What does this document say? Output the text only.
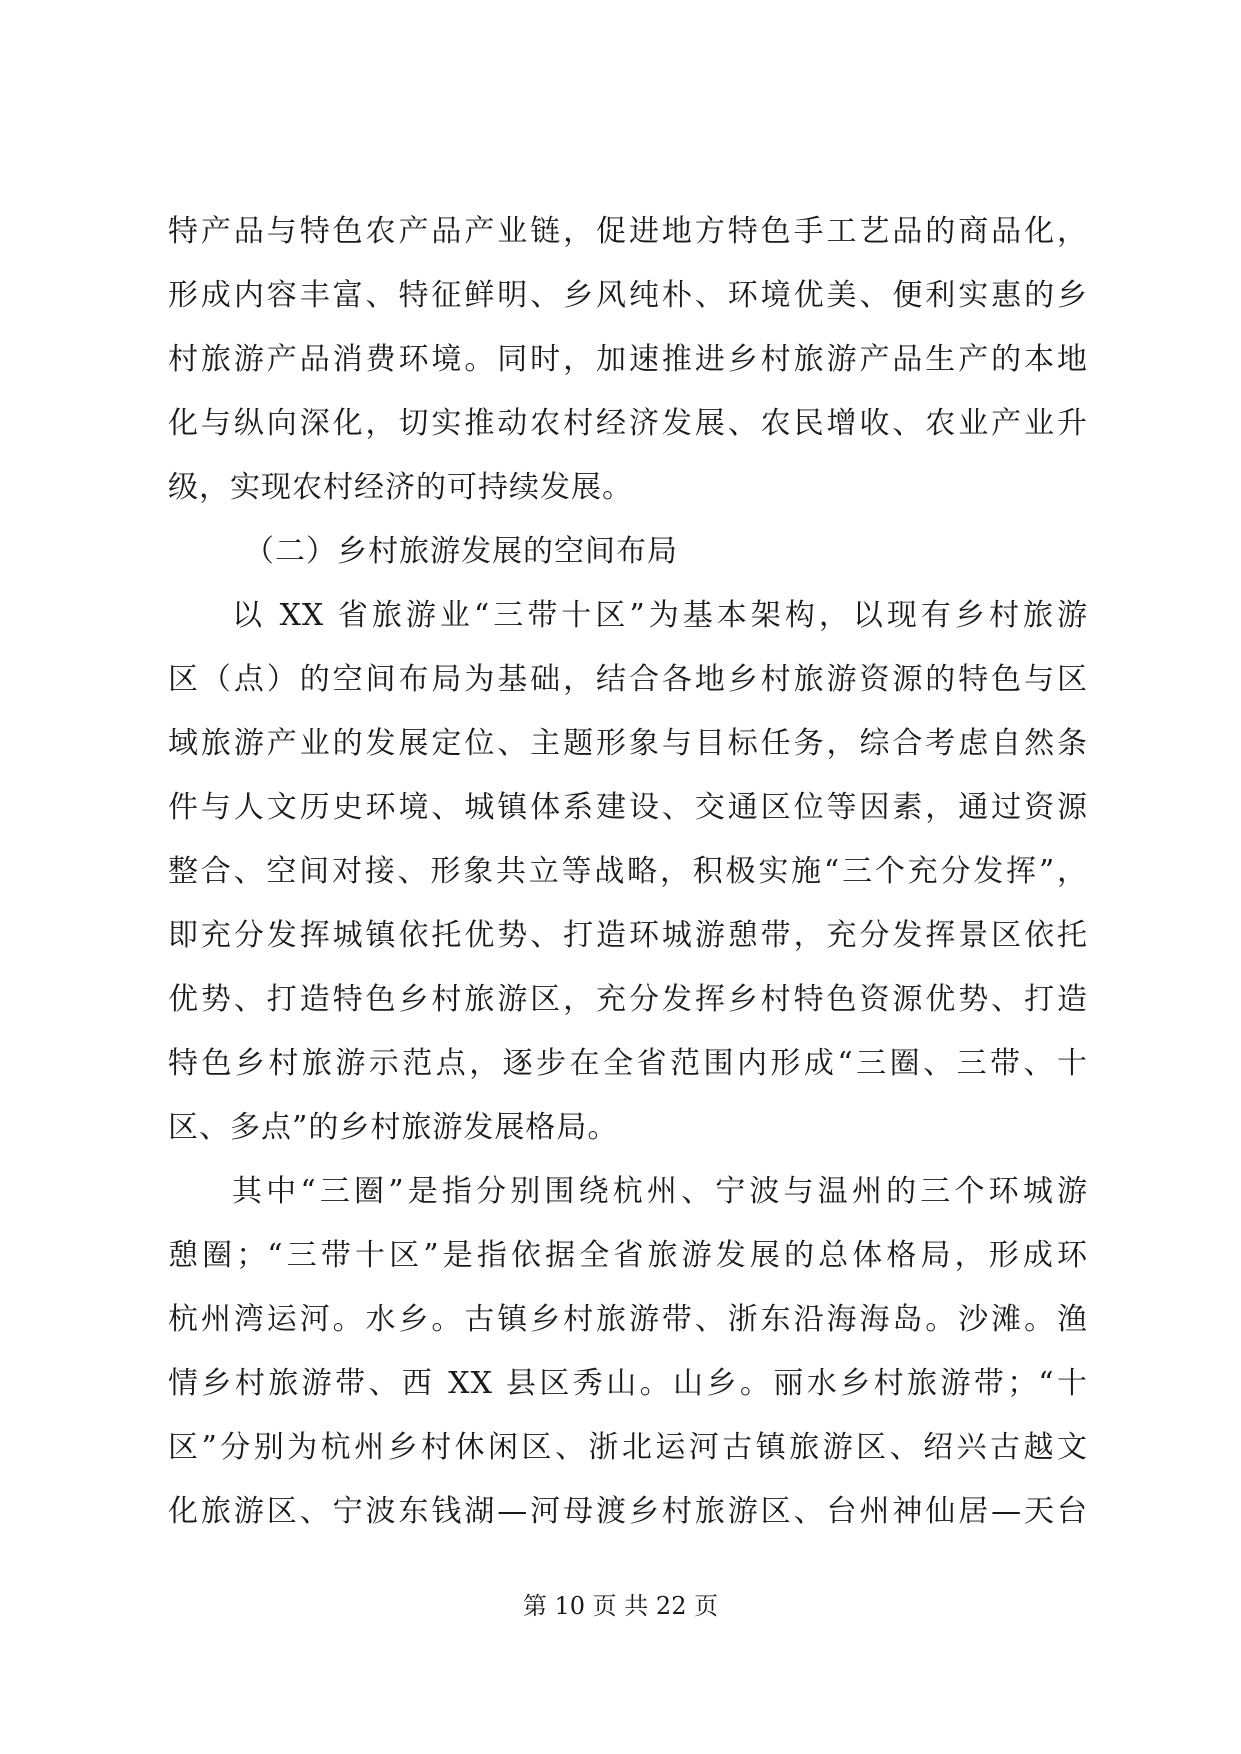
特产品与特色农产品产业链，促进地方特色手工艺品的商品化，
形成内容丰富、特征鲜明、乡风纯朴、环境优美、便利实惠的乡
村旅游产品消费环境。同时，加速推进乡村旅游产品生产的本地
化与纵向深化，切实推动农村经济发展、农民增收、农业产业升
级，实现农村经济的可持续发展。
（二）乡村旅游发展的空间布局
以 XX 省旅游业“三带十区”为基本架构，以现有乡村旅游
区（点）的空间布局为基础，结合各地乡村旅游资源的特色与区
域旅游产业的发展定位、主题形象与目标任务，综合考虑自然条
件与人文历史环境、城镇体系建设、交通区位等因素，通过资源
整合、空间对接、形象共立等战略，积极实施“三个充分发挥”，
即充分发挥城镇依托优势、打造环城游憩带，充分发挥景区依托
优势、打造特色乡村旅游区，充分发挥乡村特色资源优势、打造
特色乡村旅游示范点，逐步在全省范围内形成“三圈、三带、十
区、多点”的乡村旅游发展格局。
其中“三圈”是指分别围绕杭州、宁波与温州的三个环城游
憩圈；“三带十区”是指依据全省旅游发展的总体格局，形成环
杭州湾运河。水乡。古镇乡村旅游带、浙东沿海海岛。沙滩。渔
情乡村旅游带、西 XX 县区秀山。山乡。丽水乡村旅游带；“十
区”分别为杭州乡村休闲区、浙北运河古镇旅游区、绍兴古越文
化旅游区、宁波东钱湖—河母渡乡村旅游区、台州神仙居—天台
第 10 页 共 22 页
